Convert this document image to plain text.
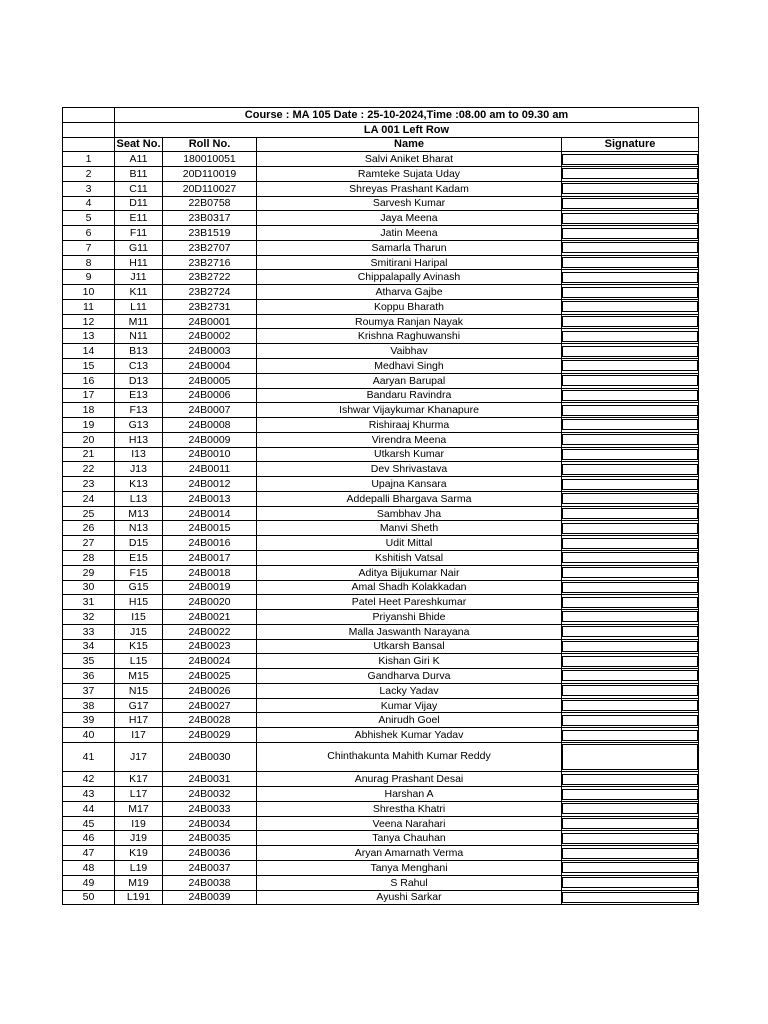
	Course : MA 105 Date : 25-10-2024,Time :08.00 am to 09.30 am			
	LA 001 Left Row			
	Seat No.	Roll No.	Name	Signature
1	A11	180010051	Salvi Aniket Bharat	

2	B11	20D110019	Ramteke Sujata Uday	

3	C11	20D110027	Shreyas Prashant Kadam	

4	D11	22B0758	Sarvesh Kumar	

5	E11	23B0317	Jaya Meena	

6	F11	23B1519	Jatin Meena	

7	G11	23B2707	Samarla Tharun	

8	H11	23B2716	Smitirani Haripal	

9	J11	23B2722	Chippalapally Avinash	

10	K11	23B2724	Atharva Gajbe	

11	L11	23B2731	Koppu Bharath	

12	M11	24B0001	Roumya Ranjan Nayak	

13	N11	24B0002	Krishna Raghuwanshi	

14	B13	24B0003	Vaibhav	

15	C13	24B0004	Medhavi Singh	

16	D13	24B0005	Aaryan Barupal	

17	E13	24B0006	Bandaru Ravindra	

18	F13	24B0007	Ishwar Vijaykumar Khanapure	

19	G13	24B0008	Rishiraaj Khurma	

20	H13	24B0009	Virendra Meena	

21	I13	24B0010	Utkarsh Kumar	

22	J13	24B0011	Dev Shrivastava	

23	K13	24B0012	Upajna Kansara	

24	L13	24B0013	Addepalli Bhargava Sarma	

25	M13	24B0014	Sambhav Jha	

26	N13	24B0015	Manvi Sheth	

27	D15	24B0016	Udit Mittal	

28	E15	24B0017	Kshitish Vatsal	

29	F15	24B0018	Aditya Bijukumar Nair	

30	G15	24B0019	Amal Shadh Kolakkadan	

31	H15	24B0020	Patel Heet Pareshkumar	

32	I15	24B0021	Priyanshi Bhide	

33	J15	24B0022	Malla Jaswanth Narayana	

34	K15	24B0023	Utkarsh Bansal	

35	L15	24B0024	Kishan Giri K	

36	M15	24B0025	Gandharva Durva	

37	N15	24B0026	Lacky Yadav	

38	G17	24B0027	Kumar Vijay	

39	H17	24B0028	Anirudh Goel	

40	I17	24B0029	Abhishek Kumar Yadav	

41	J17	24B0030	Chinthakunta Mahith Kumar Reddy	

42	K17	24B0031	Anurag Prashant Desai	

43	L17	24B0032	Harshan A	

44	M17	24B0033	Shrestha Khatri	

45	I19	24B0034	Veena Narahari	

46	J19	24B0035	Tanya Chauhan	

47	K19	24B0036	Aryan Amarnath Verma	

48	L19	24B0037	Tanya Menghani	

49	M19	24B0038	S Rahul	

50	L191	24B0039	Ayushi Sarkar	
